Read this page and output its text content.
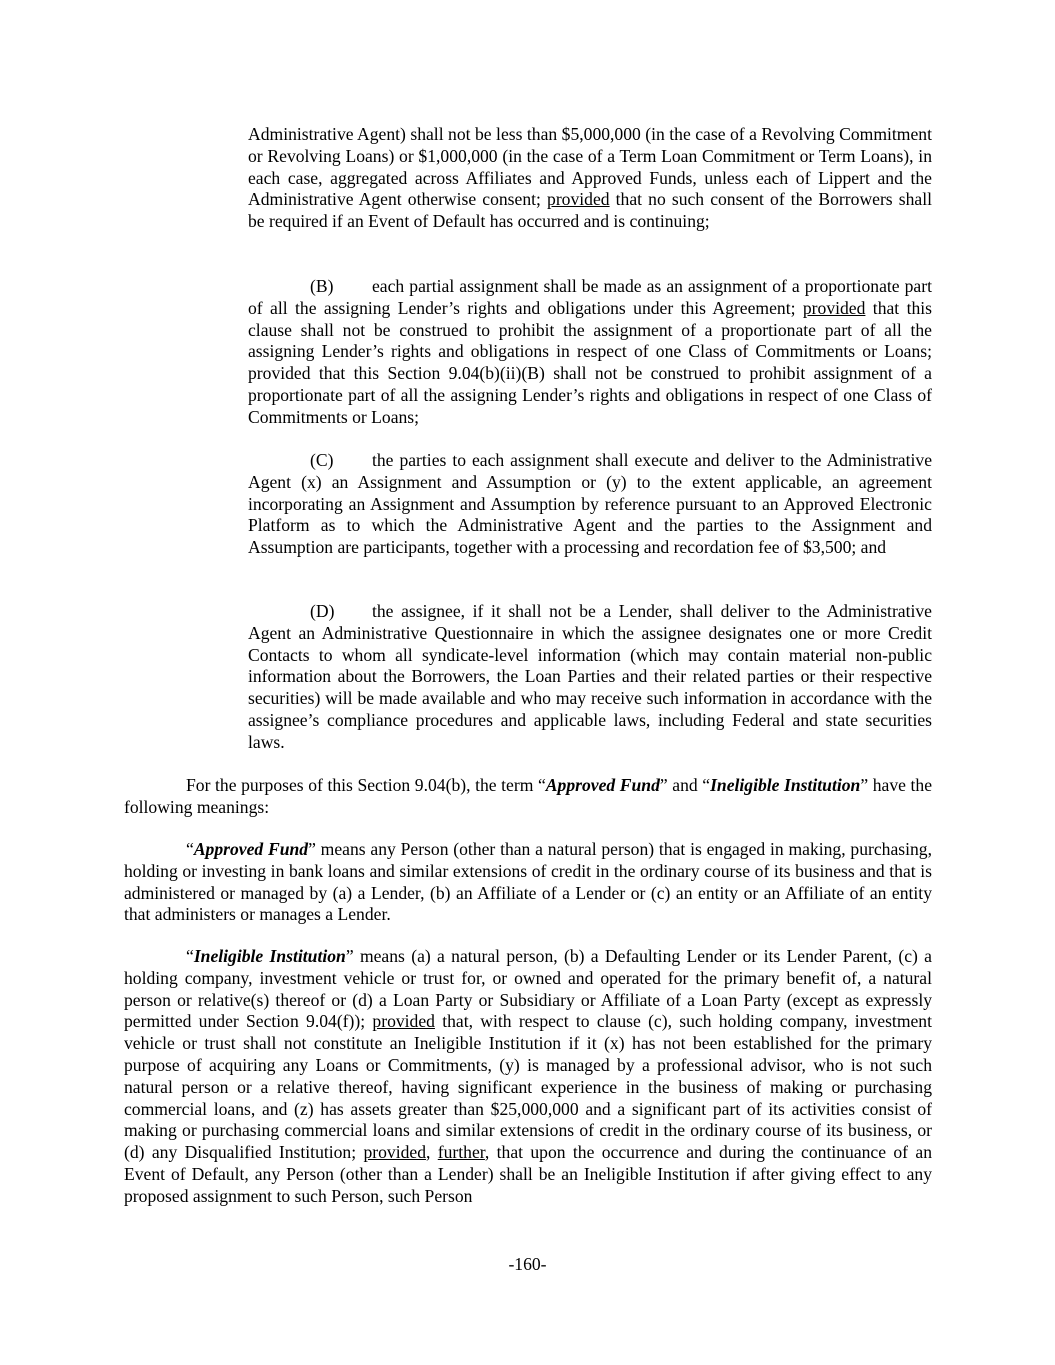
Administrative Agent) shall not be less than $5,000,000 (in the case of a Revolving Commitment or Revolving Loans) or $1,000,000 (in the case of a Term Loan Commitment or Term Loans), in each case, aggregated across Affiliates and Approved Funds, unless each of Lippert and the Administrative Agent otherwise consent; provided that no such consent of the Borrowers shall be required if an Event of Default has occurred and is continuing;

(B) each partial assignment shall be made as an assignment of a proportionate part of all the assigning Lender’s rights and obligations under this Agreement; provided that this clause shall not be construed to prohibit the assignment of a proportionate part of all the assigning Lender’s rights and obligations in respect of one Class of Commitments or Loans; provided that this Section 9.04(b)(ii)(B) shall not be construed to prohibit assignment of a proportionate part of all the assigning Lender’s rights and obligations in respect of one Class of Commitments or Loans;

(C) the parties to each assignment shall execute and deliver to the Administrative Agent (x) an Assignment and Assumption or (y) to the extent applicable, an agreement incorporating an Assignment and Assumption by reference pursuant to an Approved Electronic Platform as to which the Administrative Agent and the parties to the Assignment and Assumption are participants, together with a processing and recordation fee of $3,500; and

(D) the assignee, if it shall not be a Lender, shall deliver to the Administrative Agent an Administrative Questionnaire in which the assignee designates one or more Credit Contacts to whom all syndicate-level information (which may contain material non-public information about the Borrowers, the Loan Parties and their related parties or their respective securities) will be made available and who may receive such information in accordance with the assignee’s compliance procedures and applicable laws, including Federal and state securities laws.

For the purposes of this Section 9.04(b), the term “Approved Fund” and “Ineligible Institution” have the following meanings:

“Approved Fund” means any Person (other than a natural person) that is engaged in making, purchasing, holding or investing in bank loans and similar extensions of credit in the ordinary course of its business and that is administered or managed by (a) a Lender, (b) an Affiliate of a Lender or (c) an entity or an Affiliate of an entity that administers or manages a Lender.

“Ineligible Institution” means (a) a natural person, (b) a Defaulting Lender or its Lender Parent, (c) a holding company, investment vehicle or trust for, or owned and operated for the primary benefit of, a natural person or relative(s) thereof or (d) a Loan Party or Subsidiary or Affiliate of a Loan Party (except as expressly permitted under Section 9.04(f)); provided that, with respect to clause (c), such holding company, investment vehicle or trust shall not constitute an Ineligible Institution if it (x) has not been established for the primary purpose of acquiring any Loans or Commitments, (y) is managed by a professional advisor, who is not such natural person or a relative thereof, having significant experience in the business of making or purchasing commercial loans, and (z) has assets greater than $25,000,000 and a significant part of its activities consist of making or purchasing commercial loans and similar extensions of credit in the ordinary course of its business, or (d) any Disqualified Institution; provided, further, that upon the occurrence and during the continuance of an Event of Default, any Person (other than a Lender) shall be an Ineligible Institution if after giving effect to any proposed assignment to such Person, such Person

-160-
